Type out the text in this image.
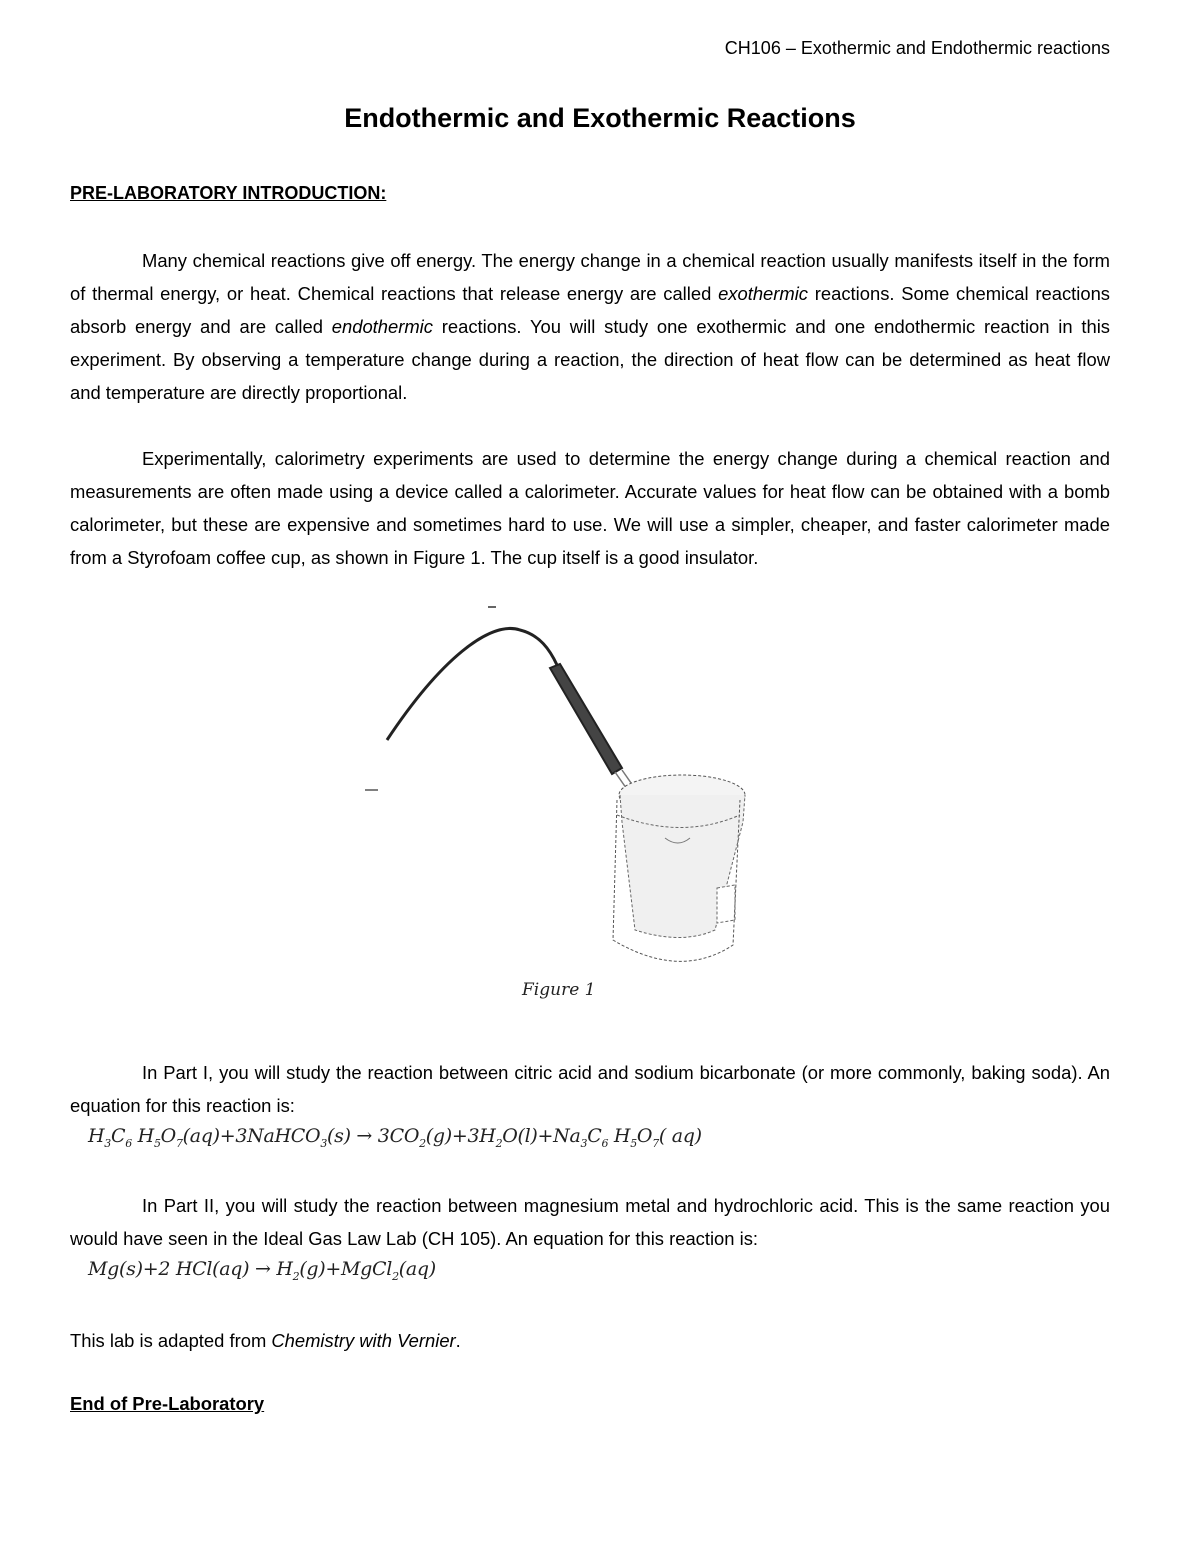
CH106 – Exothermic and Endothermic reactions
Endothermic and Exothermic Reactions
PRE-LABORATORY INTRODUCTION:
Many chemical reactions give off energy. The energy change in a chemical reaction usually manifests itself in the form of thermal energy, or heat. Chemical reactions that release energy are called exothermic reactions. Some chemical reactions absorb energy and are called endothermic reactions. You will study one exothermic and one endothermic reaction in this experiment. By observing a temperature change during a reaction, the direction of heat flow can be determined as heat flow and temperature are directly proportional.
Experimentally, calorimetry experiments are used to determine the energy change during a chemical reaction and measurements are often made using a device called a calorimeter. Accurate values for heat flow can be obtained with a bomb calorimeter, but these are expensive and sometimes hard to use. We will use a simpler, cheaper, and faster calorimeter made from a Styrofoam coffee cup, as shown in Figure 1. The cup itself is a good insulator.
Figure 1
In Part I, you will study the reaction between citric acid and sodium bicarbonate (or more commonly, baking soda). An equation for this reaction is:
$H_3C_6$ $H_5O_7(aq)+3NaHCO_3(s) \to 3CO_2(g)+3H_2O(l)+Na_3C_6$ $H_5O_7$( aq)
In Part II, you will study the reaction between magnesium metal and hydrochloric acid. This is the same reaction you would have seen in the Ideal Gas Law Lab (CH 105). An equation for this reaction is:
Mg(s)+2 $HCl(aq) \to H_2(g)+MgCl_2(aq)$
This lab is adapted from Chemistry with Vernier.
End of Pre-Laboratory
